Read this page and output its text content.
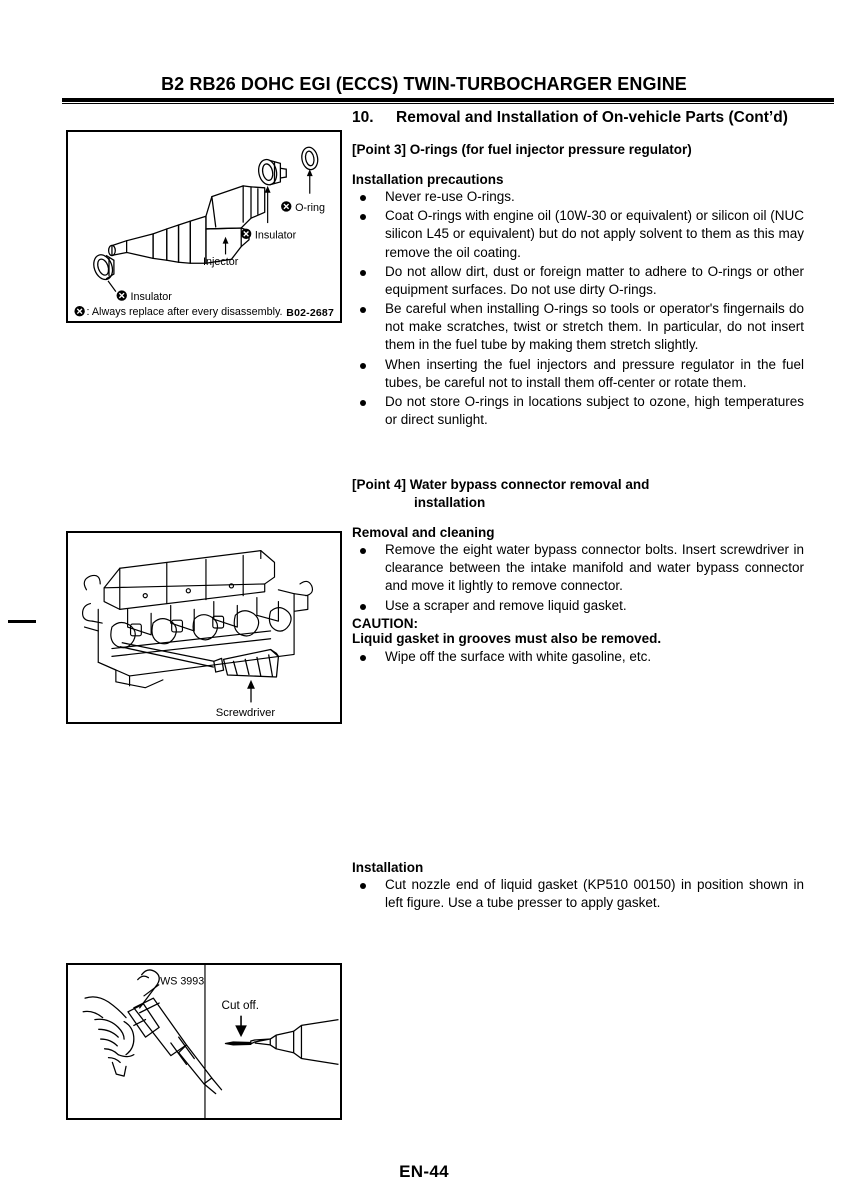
B2 RB26 DOHC EGI (ECCS) TWIN-TURBOCHARGER ENGINE
O-ring
Insulator
Injector
Insulator
: Always replace after every disassembly. B02-2687
Screwdriver
WS 3993
Cut off.
10.	Removal and Installation of On-vehicle Parts (Cont’d)
[Point 3] O-rings (for fuel injector pressure regulator)
Installation precautions
Never re-use O-rings.
Coat O-rings with engine oil (10W-30 or equivalent) or silicon oil (NUC silicon L45 or equivalent) but do not apply solvent to them as this may remove the oil coating.
Do not allow dirt, dust or foreign matter to adhere to O-rings or other equipment surfaces. Do not use dirty O-rings.
Be careful when installing O-rings so tools or operator's fingernails do not make scratches, twist or stretch them. In particular, do not insert them in the fuel tube by making them stretch slightly.
When inserting the fuel injectors and pressure regulator in the fuel tubes, be careful not to install them off-center or rotate them.
Do not store O-rings in locations subject to ozone, high temperatures or direct sunlight.
[Point 4] Water bypass connector removal and
installation
Removal and cleaning
Remove the eight water bypass connector bolts. Insert screwdriver in clearance between the intake manifold and water bypass connector and move it lightly to remove connector.
Use a scraper and remove liquid gasket.
CAUTION:
Liquid gasket in grooves must also be removed.
Wipe off the surface with white gasoline, etc.
Installation
Cut nozzle end of liquid gasket (KP510 00150) in position shown in left figure. Use a tube presser to apply gasket.
EN-44
